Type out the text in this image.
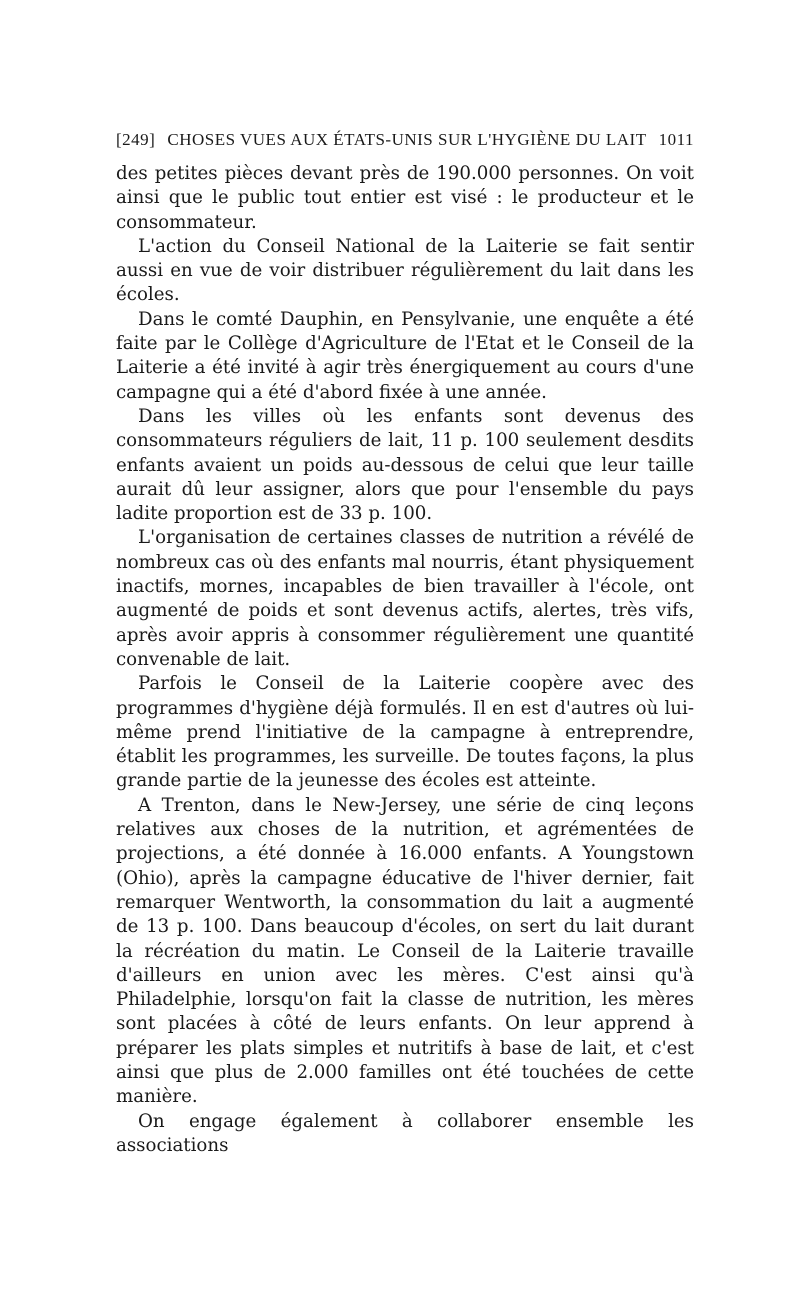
[249] CHOSES VUES AUX ÉTATS-UNIS SUR L'HYGIÈNE DU LAIT 1011

des petites pièces devant près de 190.000 personnes. On voit ainsi que le public tout entier est visé : le producteur et le consommateur.

L'action du Conseil National de la Laiterie se fait sentir aussi en vue de voir distribuer régulièrement du lait dans les écoles.

Dans le comté Dauphin, en Pensylvanie, une enquête a été faite par le Collège d'Agriculture de l'Etat et le Conseil de la Laiterie a été invité à agir très énergiquement au cours d'une campagne qui a été d'abord fixée à une année.

Dans les villes où les enfants sont devenus des consommateurs réguliers de lait, 11 p. 100 seulement desdits enfants avaient un poids au-dessous de celui que leur taille aurait dû leur assigner, alors que pour l'ensemble du pays ladite proportion est de 33 p. 100.

L'organisation de certaines classes de nutrition a révélé de nombreux cas où des enfants mal nourris, étant physiquement inactifs, mornes, incapables de bien travailler à l'école, ont augmenté de poids et sont devenus actifs, alertes, très vifs, après avoir appris à consommer régulièrement une quantité convenable de lait.

Parfois le Conseil de la Laiterie coopère avec des programmes d'hygiène déjà formulés. Il en est d'autres où lui-même prend l'initiative de la campagne à entreprendre, établit les programmes, les surveille. De toutes façons, la plus grande partie de la jeunesse des écoles est atteinte.

A Trenton, dans le New-Jersey, une série de cinq leçons relatives aux choses de la nutrition, et agrémentées de projections, a été donnée à 16.000 enfants. A Youngstown (Ohio), après la campagne éducative de l'hiver dernier, fait remarquer Wentworth, la consommation du lait a augmenté de 13 p. 100. Dans beaucoup d'écoles, on sert du lait durant la récréation du matin. Le Conseil de la Laiterie travaille d'ailleurs en union avec les mères. C'est ainsi qu'à Philadelphie, lorsqu'on fait la classe de nutrition, les mères sont placées à côté de leurs enfants. On leur apprend à préparer les plats simples et nutritifs à base de lait, et c'est ainsi que plus de 2.000 familles ont été touchées de cette manière.

On engage également à collaborer ensemble les associations
